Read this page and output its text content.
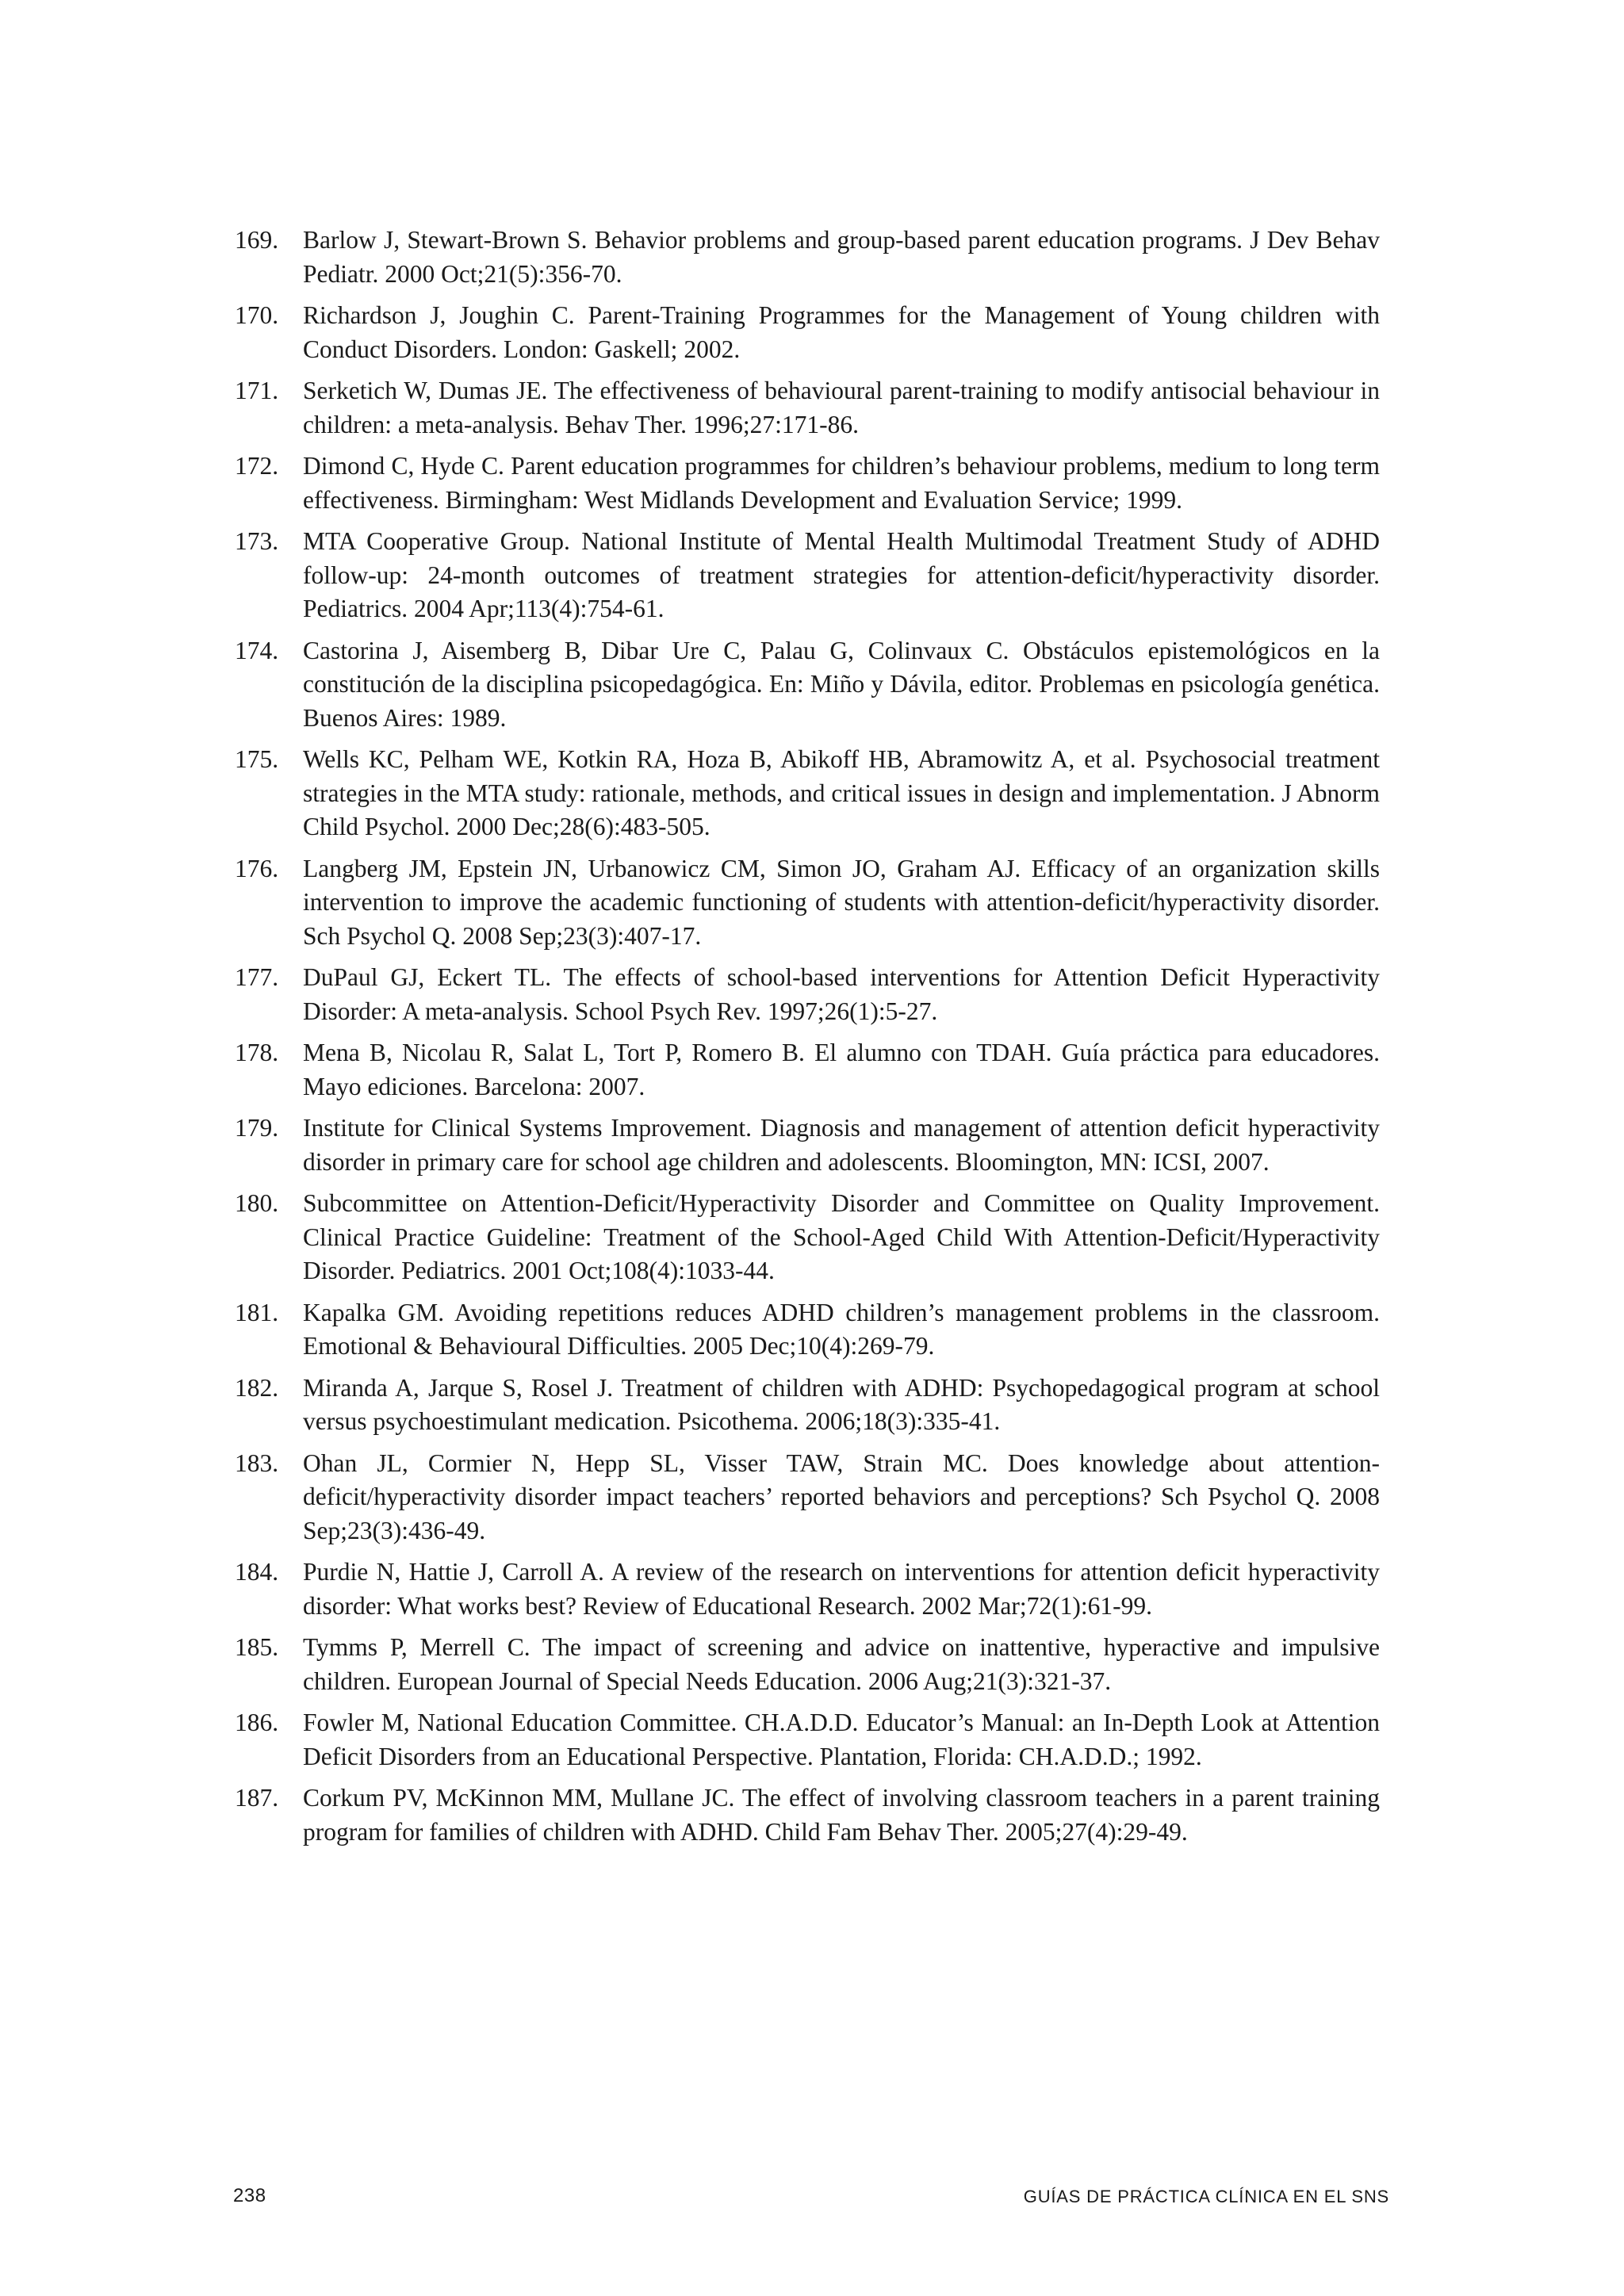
169. Barlow J, Stewart-Brown S. Behavior problems and group-based parent education programs. J Dev Behav Pediatr. 2000 Oct;21(5):356-70.
170. Richardson J, Joughin C. Parent-Training Programmes for the Management of Young children with Conduct Disorders. London: Gaskell; 2002.
171. Serketich W, Dumas JE. The effectiveness of behavioural parent-training to modify antisocial behaviour in children: a meta-analysis. Behav Ther. 1996;27:171-86.
172. Dimond C, Hyde C. Parent education programmes for children’s behaviour problems, medium to long term effectiveness. Birmingham: West Midlands Development and Evaluation Service; 1999.
173. MTA Cooperative Group. National Institute of Mental Health Multimodal Treatment Study of ADHD follow-up: 24-month outcomes of treatment strategies for attention-deficit/hyperactivity disorder. Pediatrics. 2004 Apr;113(4):754-61.
174. Castorina J, Aisemberg B, Dibar Ure C, Palau G, Colinvaux C. Obstáculos epistemológicos en la constitución de la disciplina psicopedagógica. En: Miño y Dávila, editor. Problemas en psicología genética. Buenos Aires: 1989.
175. Wells KC, Pelham WE, Kotkin RA, Hoza B, Abikoff HB, Abramowitz A, et al. Psychosocial treatment strategies in the MTA study: rationale, methods, and critical issues in design and implementation. J Abnorm Child Psychol. 2000 Dec;28(6):483-505.
176. Langberg JM, Epstein JN, Urbanowicz CM, Simon JO, Graham AJ. Efficacy of an organization skills intervention to improve the academic functioning of students with attention-deficit/hyperactivity disorder. Sch Psychol Q. 2008 Sep;23(3):407-17.
177. DuPaul GJ, Eckert TL. The effects of school-based interventions for Attention Deficit Hyperactivity Disorder: A meta-analysis. School Psych Rev. 1997;26(1):5-27.
178. Mena B, Nicolau R, Salat L, Tort P, Romero B. El alumno con TDAH. Guía práctica para educadores. Mayo ediciones. Barcelona: 2007.
179. Institute for Clinical Systems Improvement. Diagnosis and management of attention deficit hyperactivity disorder in primary care for school age children and adolescents. Bloomington, MN: ICSI, 2007.
180. Subcommittee on Attention-Deficit/Hyperactivity Disorder and Committee on Quality Improvement. Clinical Practice Guideline: Treatment of the School-Aged Child With Attention-Deficit/Hyperactivity Disorder. Pediatrics. 2001 Oct;108(4):1033-44.
181. Kapalka GM. Avoiding repetitions reduces ADHD children’s management problems in the classroom. Emotional & Behavioural Difficulties. 2005 Dec;10(4):269-79.
182. Miranda A, Jarque S, Rosel J. Treatment of children with ADHD: Psychopedagogical program at school versus psychoestimulant medication. Psicothema. 2006;18(3):335-41.
183. Ohan JL, Cormier N, Hepp SL, Visser TAW, Strain MC. Does knowledge about attention-deficit/hyperactivity disorder impact teachers’ reported behaviors and perceptions? Sch Psychol Q. 2008 Sep;23(3):436-49.
184. Purdie N, Hattie J, Carroll A. A review of the research on interventions for attention deficit hyperactivity disorder: What works best? Review of Educational Research. 2002 Mar;72(1):61-99.
185. Tymms P, Merrell C. The impact of screening and advice on inattentive, hyperactive and impulsive children. European Journal of Special Needs Education. 2006 Aug;21(3):321-37.
186. Fowler M, National Education Committee. CH.A.D.D. Educator’s Manual: an In-Depth Look at Attention Deficit Disorders from an Educational Perspective. Plantation, Florida: CH.A.D.D.; 1992.
187. Corkum PV, McKinnon MM, Mullane JC. The effect of involving classroom teachers in a parent training program for families of children with ADHD. Child Fam Behav Ther. 2005;27(4):29-49.
238	GUÍAS DE PRÁCTICA CLÍNICA EN EL SNS
